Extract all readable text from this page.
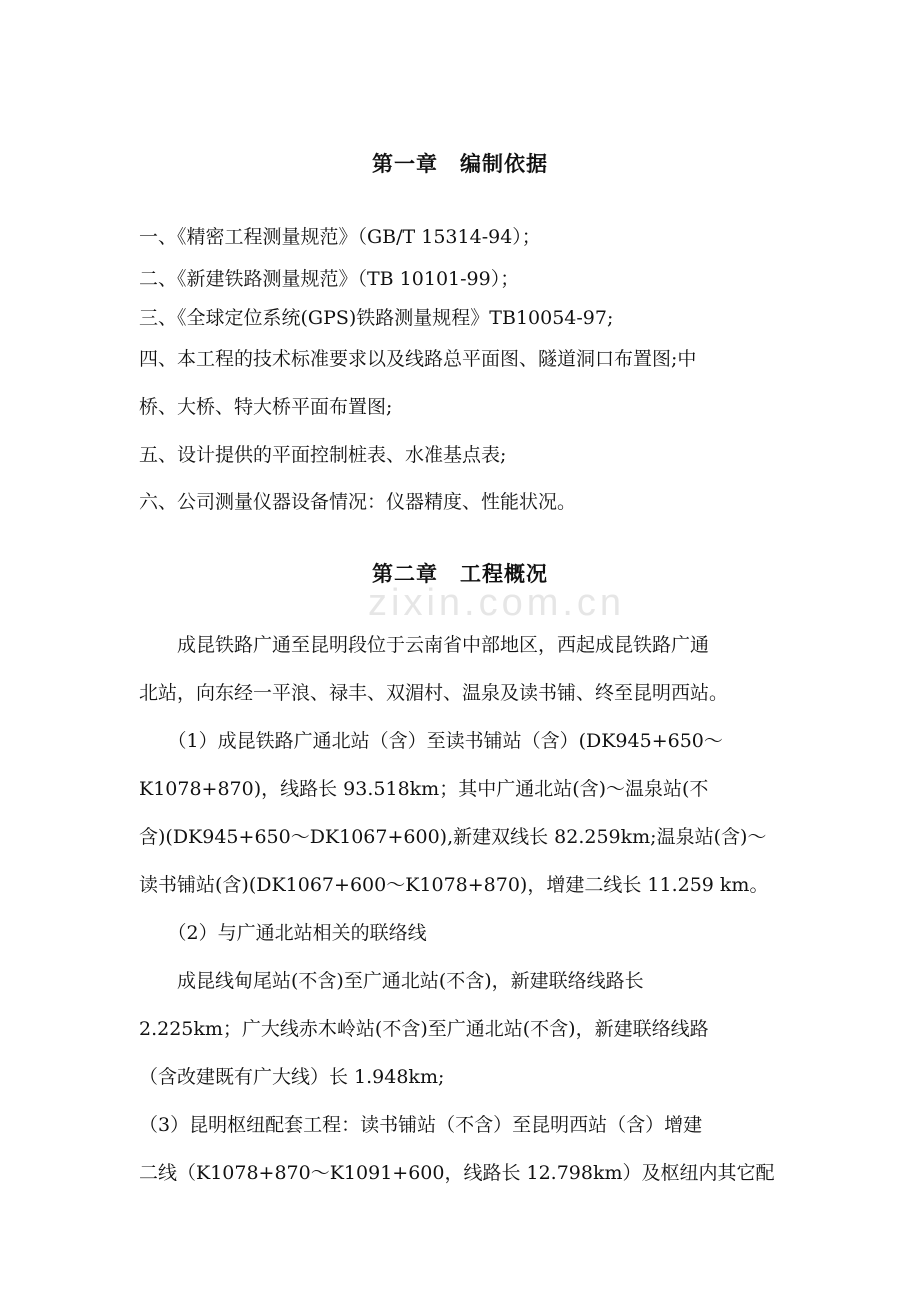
第一章　编制依据
一、《精密工程测量规范》（GB/T 15314-94）；
二、《新建铁路测量规范》（TB 10101-99）；
三、《全球定位系统(GPS)铁路测量规程》TB10054-97;
四、本工程的技术标准要求以及线路总平面图、隧道洞口布置图;中
桥、大桥、特大桥平面布置图;
五、设计提供的平面控制桩表、水准基点表;
六、公司测量仪器设备情况：仪器精度、性能状况。
第二章　工程概况
zixin.com.cn
　　成昆铁路广通至昆明段位于云南省中部地区，西起成昆铁路广通
北站，向东经一平浪、禄丰、双湄村、温泉及读书铺、终至昆明西站。
　　（1）成昆铁路广通北站（含）至读书铺站（含）(DK945+650～
K1078+870)，线路长 93.518km；其中广通北站(含)～温泉站(不
含)(DK945+650～DK1067+600),新建双线长 82.259km;温泉站(含)～
读书铺站(含)(DK1067+600～K1078+870)，增建二线长 11.259 km。
　　（2）与广通北站相关的联络线
　　成昆线甸尾站(不含)至广通北站(不含)，新建联络线路长
2.225km；广大线赤木岭站(不含)至广通北站(不含)，新建联络线路
（含改建既有广大线）长 1.948km;
（3）昆明枢纽配套工程：读书铺站（不含）至昆明西站（含）增建
二线（K1078+870～K1091+600，线路长 12.798km）及枢纽内其它配
